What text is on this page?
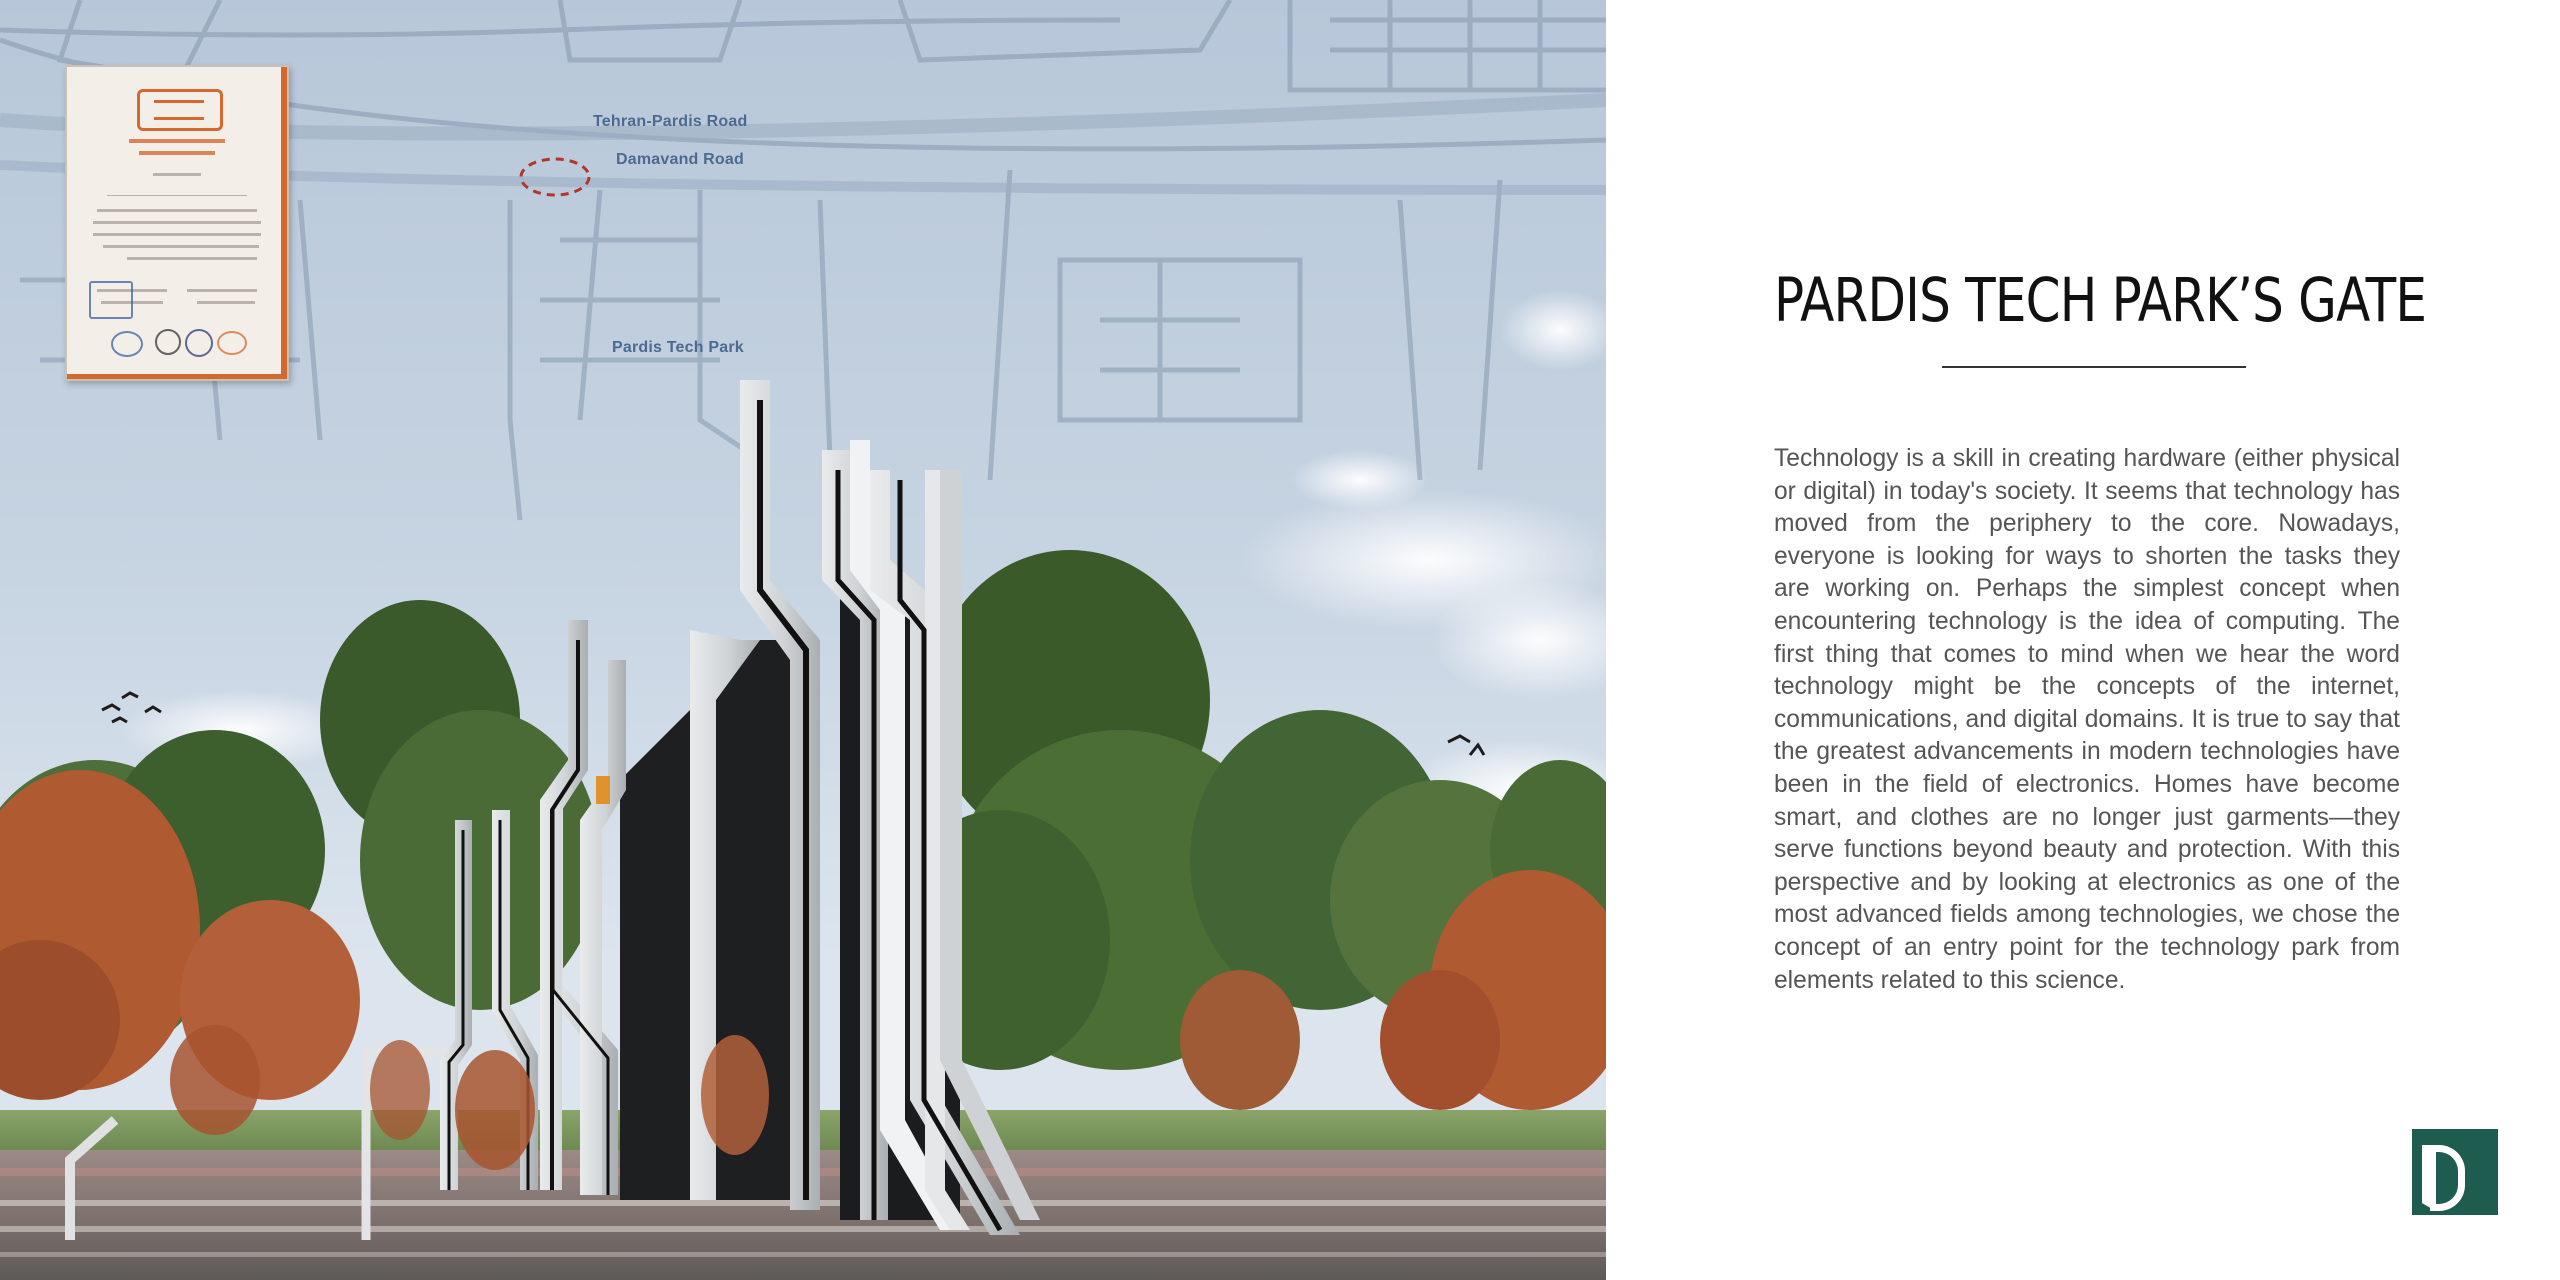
Tehran-Pardis Road
Damavand Road
Pardis Tech Park
PARDIS TECH PARK’S GATE

Technology is a skill in creating hardware (either physical or digital) in today's society. It seems that technology has moved from the periphery to the core. Nowadays, everyone is looking for ways to shorten the tasks they are working on. Perhaps the simplest concept when encountering technology is the idea of computing. The first thing that comes to mind when we hear the word technology might be the concepts of the internet, communications, and digital domains. It is true to say that the greatest advancements in modern technologies have been in the field of electronics. Homes have become smart, and clothes are no longer just garments—they serve functions beyond beauty and protection. With this perspective and by looking at electronics as one of the most advanced fields among technologies, we chose the concept of an entry point for the technology park from elements related to this science.
